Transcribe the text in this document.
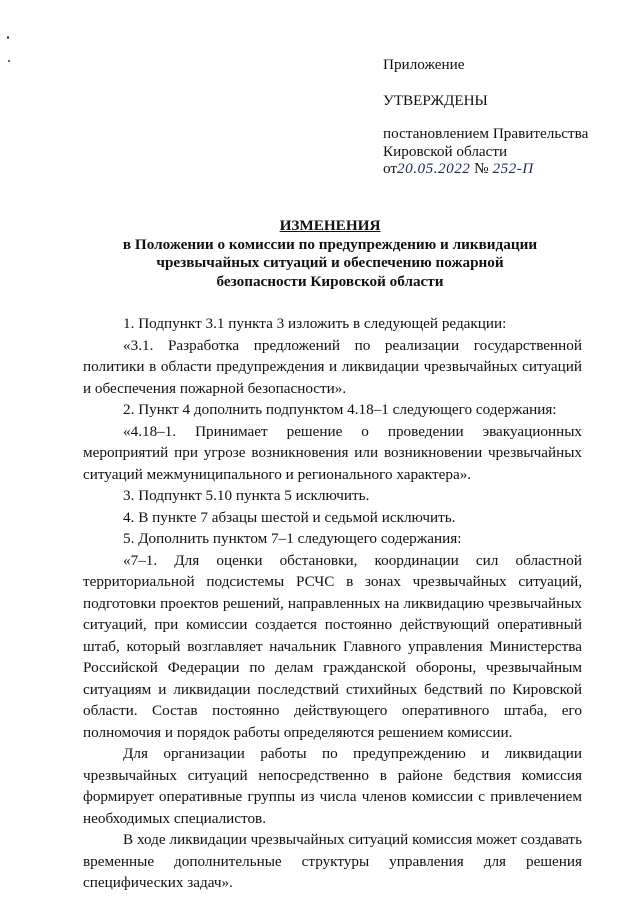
Приложение
УТВЕРЖДЕНЫ
постановлением Правительства
Кировской области
от20.05.2022 № 252-П
ИЗМЕНЕНИЯ
в Положении о комиссии по предупреждению и ликвидации
чрезвычайных ситуаций и обеспечению пожарной
безопасности Кировской области

1. Подпункт 3.1 пункта 3 изложить в следующей редакции:

«3.1. Разработка предложений по реализации государственной политики в области предупреждения и ликвидации чрезвычайных ситуаций и обеспечения пожарной безопасности».

2. Пункт 4 дополнить подпунктом 4.18–1 следующего содержания:

«4.18–1. Принимает решение о проведении эвакуационных мероприятий при угрозе возникновения или возникновении чрезвычайных ситуаций межмуниципального и регионального характера».

3. Подпункт 5.10 пункта 5 исключить.

4. В пункте 7 абзацы шестой и седьмой исключить.

5. Дополнить пунктом 7–1 следующего содержания:

«7–1. Для оценки обстановки, координации сил областной территориальной подсистемы РСЧС в зонах чрезвычайных ситуаций, подготовки проектов решений, направленных на ликвидацию чрезвычайных ситуаций, при комиссии создается постоянно действующий оперативный штаб, который возглавляет начальник Главного управления Министерства Российской Федерации по делам гражданской обороны, чрезвычайным ситуациям и ликвидации последствий стихийных бедствий по Кировской области. Состав постоянно действующего оперативного штаба, его полномочия и порядок работы определяются решением комиссии.

Для организации работы по предупреждению и ликвидации чрезвычайных ситуаций непосредственно в районе бедствия комиссия формирует оперативные группы из числа членов комиссии с привлечением необходимых специалистов.

В ходе ликвидации чрезвычайных ситуаций комиссия может создавать временные дополнительные структуры управления для решения специфических задач».
